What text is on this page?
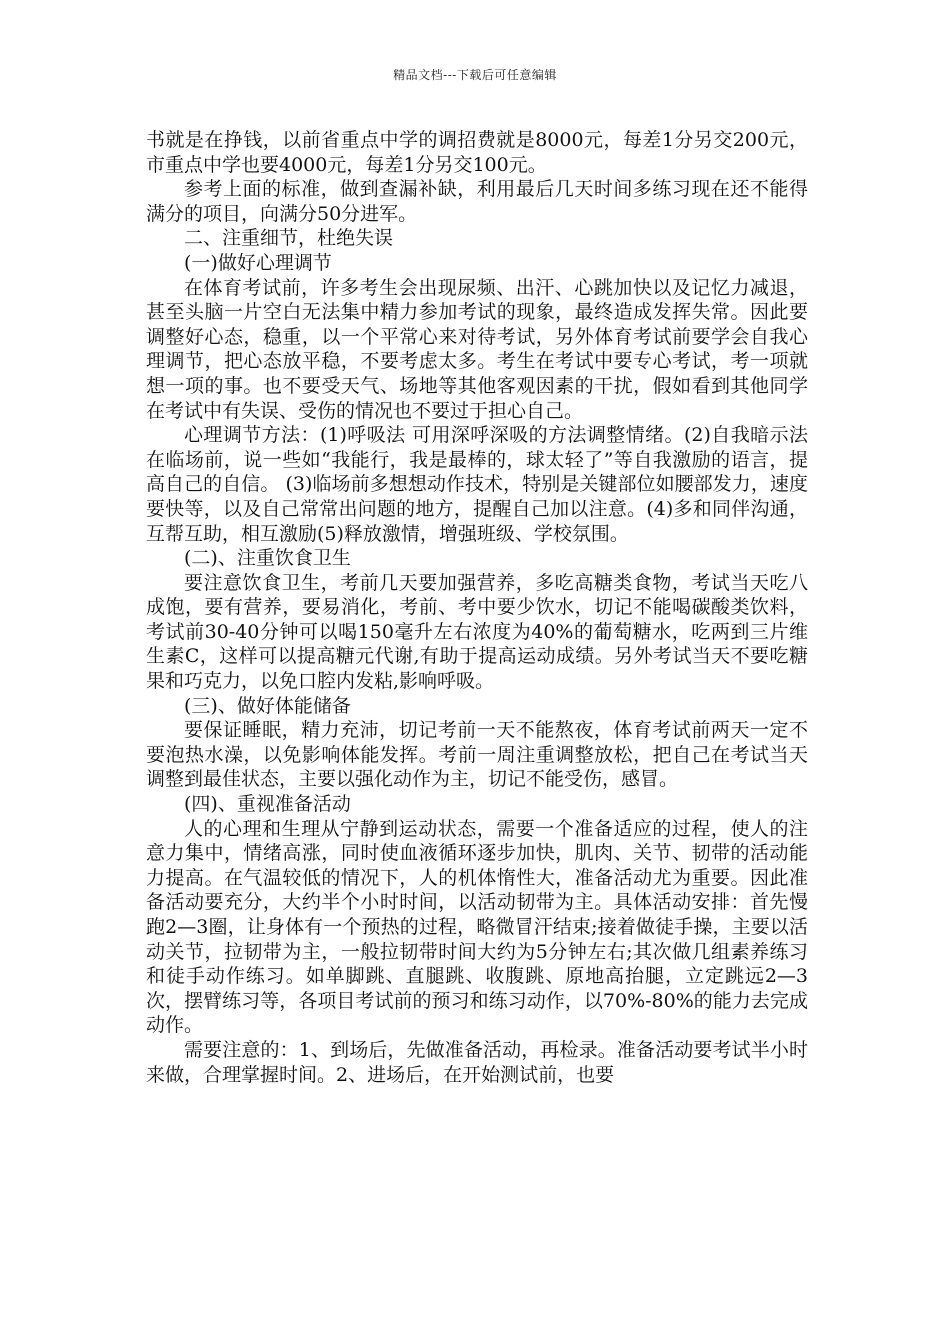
精品文档---下载后可任意编辑

书就是在挣钱，以前省重点中学的调招费就是8000元，每差1分另交200元，市重点中学也要4000元，每差1分另交100元。

参考上面的标准，做到查漏补缺，利用最后几天时间多练习现在还不能得满分的项目，向满分50分进军。

二、注重细节，杜绝失误

(一)做好心理调节

在体育考试前，许多考生会出现尿频、出汗、心跳加快以及记忆力减退，甚至头脑一片空白无法集中精力参加考试的现象，最终造成发挥失常。因此要调整好心态，稳重，以一个平常心来对待考试，另外体育考试前要学会自我心理调节，把心态放平稳，不要考虑太多。考生在考试中要专心考试，考一项就想一项的事。也不要受天气、场地等其他客观因素的干扰，假如看到其他同学在考试中有失误、受伤的情况也不要过于担心自己。

心理调节方法：(1)呼吸法 可用深呼深吸的方法调整情绪。(2)自我暗示法 在临场前，说一些如“我能行，我是最棒的，球太轻了”等自我激励的语言，提高自己的自信。 (3)临场前多想想动作技术，特别是关键部位如腰部发力，速度要快等，以及自己常常出问题的地方，提醒自己加以注意。(4)多和同伴沟通，互帮互助，相互激励(5)释放激情，增强班级、学校氛围。

(二)、注重饮食卫生

要注意饮食卫生，考前几天要加强营养，多吃高糖类食物，考试当天吃八成饱，要有营养，要易消化，考前、考中要少饮水，切记不能喝碳酸类饮料，考试前30-40分钟可以喝150毫升左右浓度为40%的葡萄糖水，吃两到三片维生素C，这样可以提高糖元代谢,有助于提高运动成绩。另外考试当天不要吃糖果和巧克力，以免口腔内发粘,影响呼吸。

(三)、做好体能储备

要保证睡眠，精力充沛，切记考前一天不能熬夜，体育考试前两天一定不要泡热水澡，以免影响体能发挥。考前一周注重调整放松，把自己在考试当天调整到最佳状态，主要以强化动作为主，切记不能受伤，感冒。

(四)、重视准备活动

人的心理和生理从宁静到运动状态，需要一个准备适应的过程，使人的注意力集中，情绪高涨，同时使血液循环逐步加快，肌肉、关节、韧带的活动能力提高。在气温较低的情况下，人的机体惰性大，准备活动尤为重要。因此准备活动要充分，大约半个小时时间，以活动韧带为主。具体活动安排：首先慢跑2—3圈，让身体有一个预热的过程，略微冒汗结束;接着做徒手操，主要以活动关节，拉韧带为主，一般拉韧带时间大约为5分钟左右;其次做几组素养练习和徒手动作练习。如单脚跳、直腿跳、收腹跳、原地高抬腿，立定跳远2—3次，摆臂练习等，各项目考试前的预习和练习动作，以70%-80%的能力去完成动作。

需要注意的：1、到场后，先做准备活动，再检录。准备活动要考试半小时来做，合理掌握时间。2、进场后，在开始测试前，也要
